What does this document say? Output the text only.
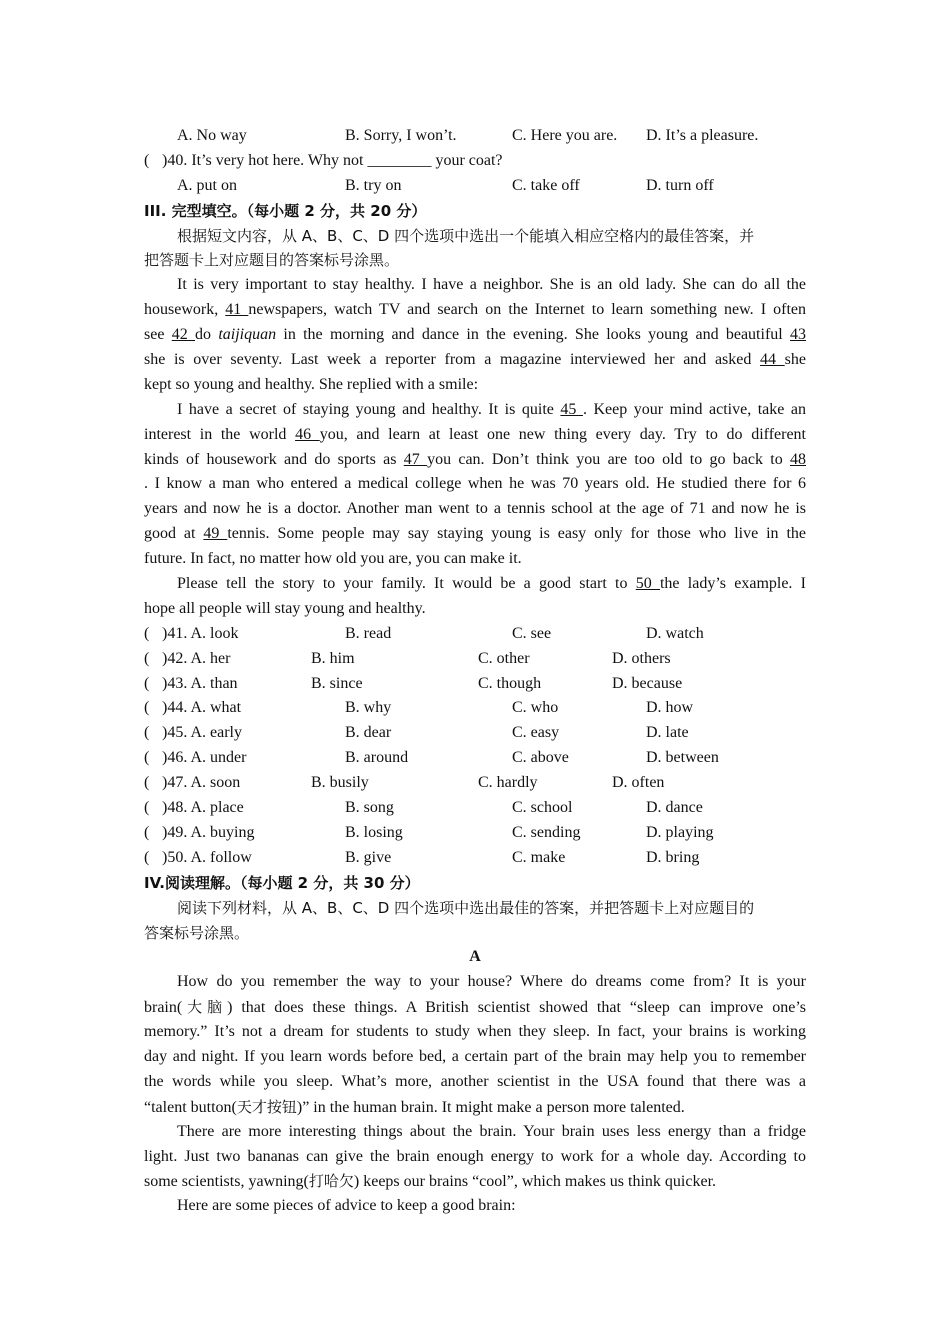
A. No way	B. Sorry, I won’t.	C. Here you are. D. It’s a pleasure.
( )40. It’s very hot here. Why not ________ your coat?
A. put on	B. try on	C. take off	D. turn off
III. 完型填空。（每小题 2 分，共 20 分）
根据短文内容，从 A、B、C、D 四个选项中选出一个能填入相应空格内的最佳答案，并
把答题卡上对应题目的答案标号涂黑。
It is very important to stay healthy. I have a neighbor. She is an old lady. She can do all the
housework, 41 newspapers, watch TV and search on the Internet to learn something new. I often
see 42 do taijiquan in the morning and dance in the evening. She looks young and beautiful 43
she is over seventy. Last week a reporter from a magazine interviewed her and asked 44 she
kept so young and healthy. She replied with a smile:
I have a secret of staying young and healthy. It is quite 45 . Keep your mind active, take an
interest in the world 46 you, and learn at least one new thing every day. Try to do different
kinds of housework and do sports as 47 you can. Don’t think you are too old to go back to 48
. I know a man who entered a medical college when he was 70 years old. He studied there for 6
years and now he is a doctor. Another man went to a tennis school at the age of 71 and now he is
good at 49 tennis. Some people may say staying young is easy only for those who live in the
future. In fact, no matter how old you are, you can make it.
Please tell the story to your family. It would be a good start to 50 the lady’s example. I
hope all people will stay young and healthy.
( )41. A. look	B. read	C. see	D. watch
( )42. A. her	B. him	C. other	D. others
( )43. A. than	B. since	C. though	D. because
( )44. A. what	B. why	C. who	D. how
( )45. A. early	B. dear	C. easy	D. late
( )46. A. under	B. around	C. above	D. between
( )47. A. soon	B. busily	C. hardly	D. often
( )48. A. place	B. song	C. school	D. dance
( )49. A. buying	B. losing	C. sending	D. playing
( )50. A. follow	B. give	C. make	D. bring
IV.阅读理解。（每小题 2 分，共 30 分）
阅读下列材料，从 A、B、C、D 四个选项中选出最佳的答案，并把答题卡上对应题目的
答案标号涂黑。
A
How do you remember the way to your house? Where do dreams come from? It is your
brain(大脑) that does these things. A British scientist showed that “sleep can improve one’s
memory.” It’s not a dream for students to study when they sleep. In fact, your brains is working
day and night. If you learn words before bed, a certain part of the brain may help you to remember
the words while you sleep. What’s more, another scientist in the USA found that there was a
“talent button(天才按钮)” in the human brain. It might make a person more talented.
There are more interesting things about the brain. Your brain uses less energy than a fridge
light. Just two bananas can give the brain enough energy to work for a whole day. According to
some scientists, yawning(打哈欠) keeps our brains “cool”, which makes us think quicker.
Here are some pieces of advice to keep a good brain:
